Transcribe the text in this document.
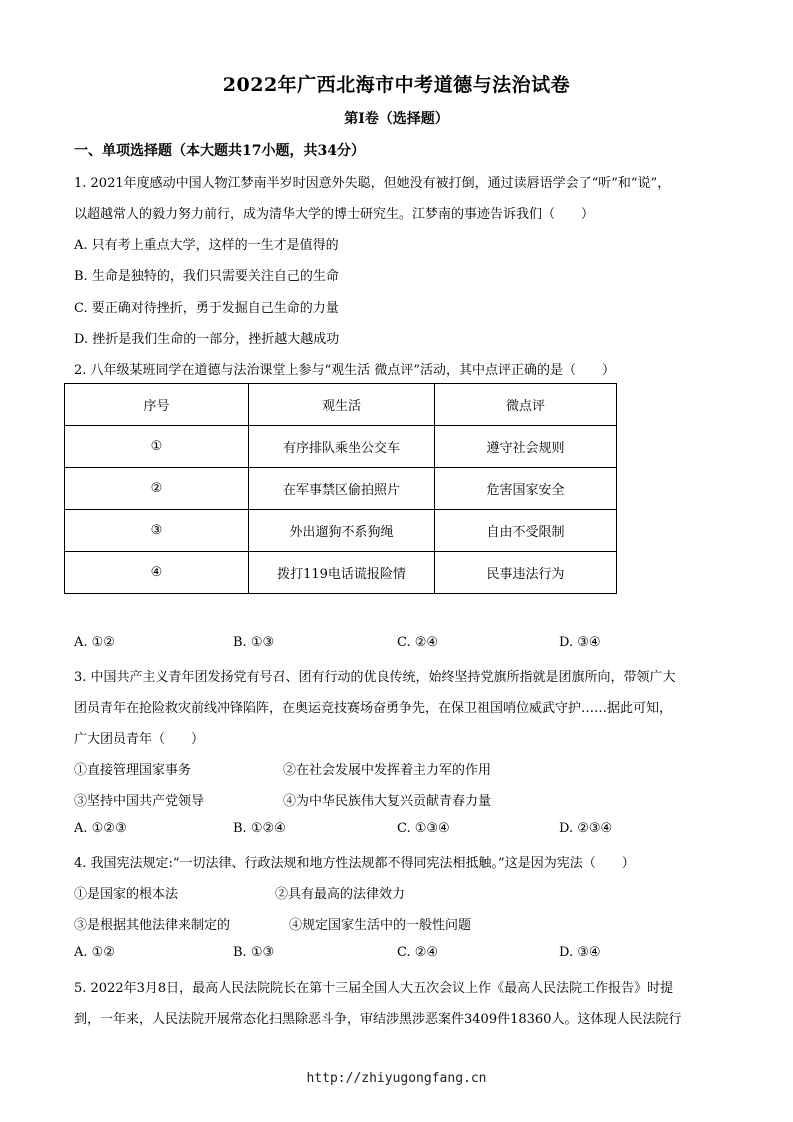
2022年广西北海市中考道德与法治试卷
第I卷（选择题）
一、单项选择题（本大题共17小题，共34分）
1. 2021年度感动中国人物江梦南半岁时因意外失聪，但她没有被打倒，通过读唇语学会了“听”和“说”，
以超越常人的毅力努力前行，成为清华大学的博士研究生。江梦南的事迹告诉我们（　　）
A. 只有考上重点大学，这样的一生才是值得的
B. 生命是独特的，我们只需要关注自己的生命
C. 要正确对待挫折，勇于发掘自己生命的力量
D. 挫折是我们生命的一部分，挫折越大越成功
2. 八年级某班同学在道德与法治课堂上参与“观生活 微点评”活动，其中点评正确的是（　　）
序号	观生活	微点评
①	有序排队乘坐公交车	遵守社会规则
②	在军事禁区偷拍照片	危害国家安全
③	外出遛狗不系狗绳	自由不受限制
④	拨打119电话谎报险情	民事违法行为
A. ①②	B. ①③	C. ②④	D. ③④
3. 中国共产主义青年团发扬党有号召、团有行动的优良传统，始终坚持党旗所指就是团旗所向，带领广大
团员青年在抢险救灾前线冲锋陷阵，在奥运竞技赛场奋勇争先，在保卫祖国哨位威武守护……据此可知，
广大团员青年（　　）
①直接管理国家事务	②在社会发展中发挥着主力军的作用
③坚持中国共产党领导	④为中华民族伟大复兴贡献青春力量
A. ①②③	B. ①②④	C. ①③④	D. ②③④
4. 我国宪法规定:“一切法律、行政法规和地方性法规都不得同宪法相抵触。”这是因为宪法（　　）
①是国家的根本法	②具有最高的法律效力
③是根据其他法律来制定的	④规定国家生活中的一般性问题
A. ①②	B. ①③	C. ②④	D. ③④
5. 2022年3月8日，最高人民法院院长在第十三届全国人大五次会议上作《最高人民法院工作报告》时提
到，一年来，人民法院开展常态化扫黑除恶斗争，审结涉黑涉恶案件3409件18360人。这体现人民法院行
http://zhiyugongfang.cn
